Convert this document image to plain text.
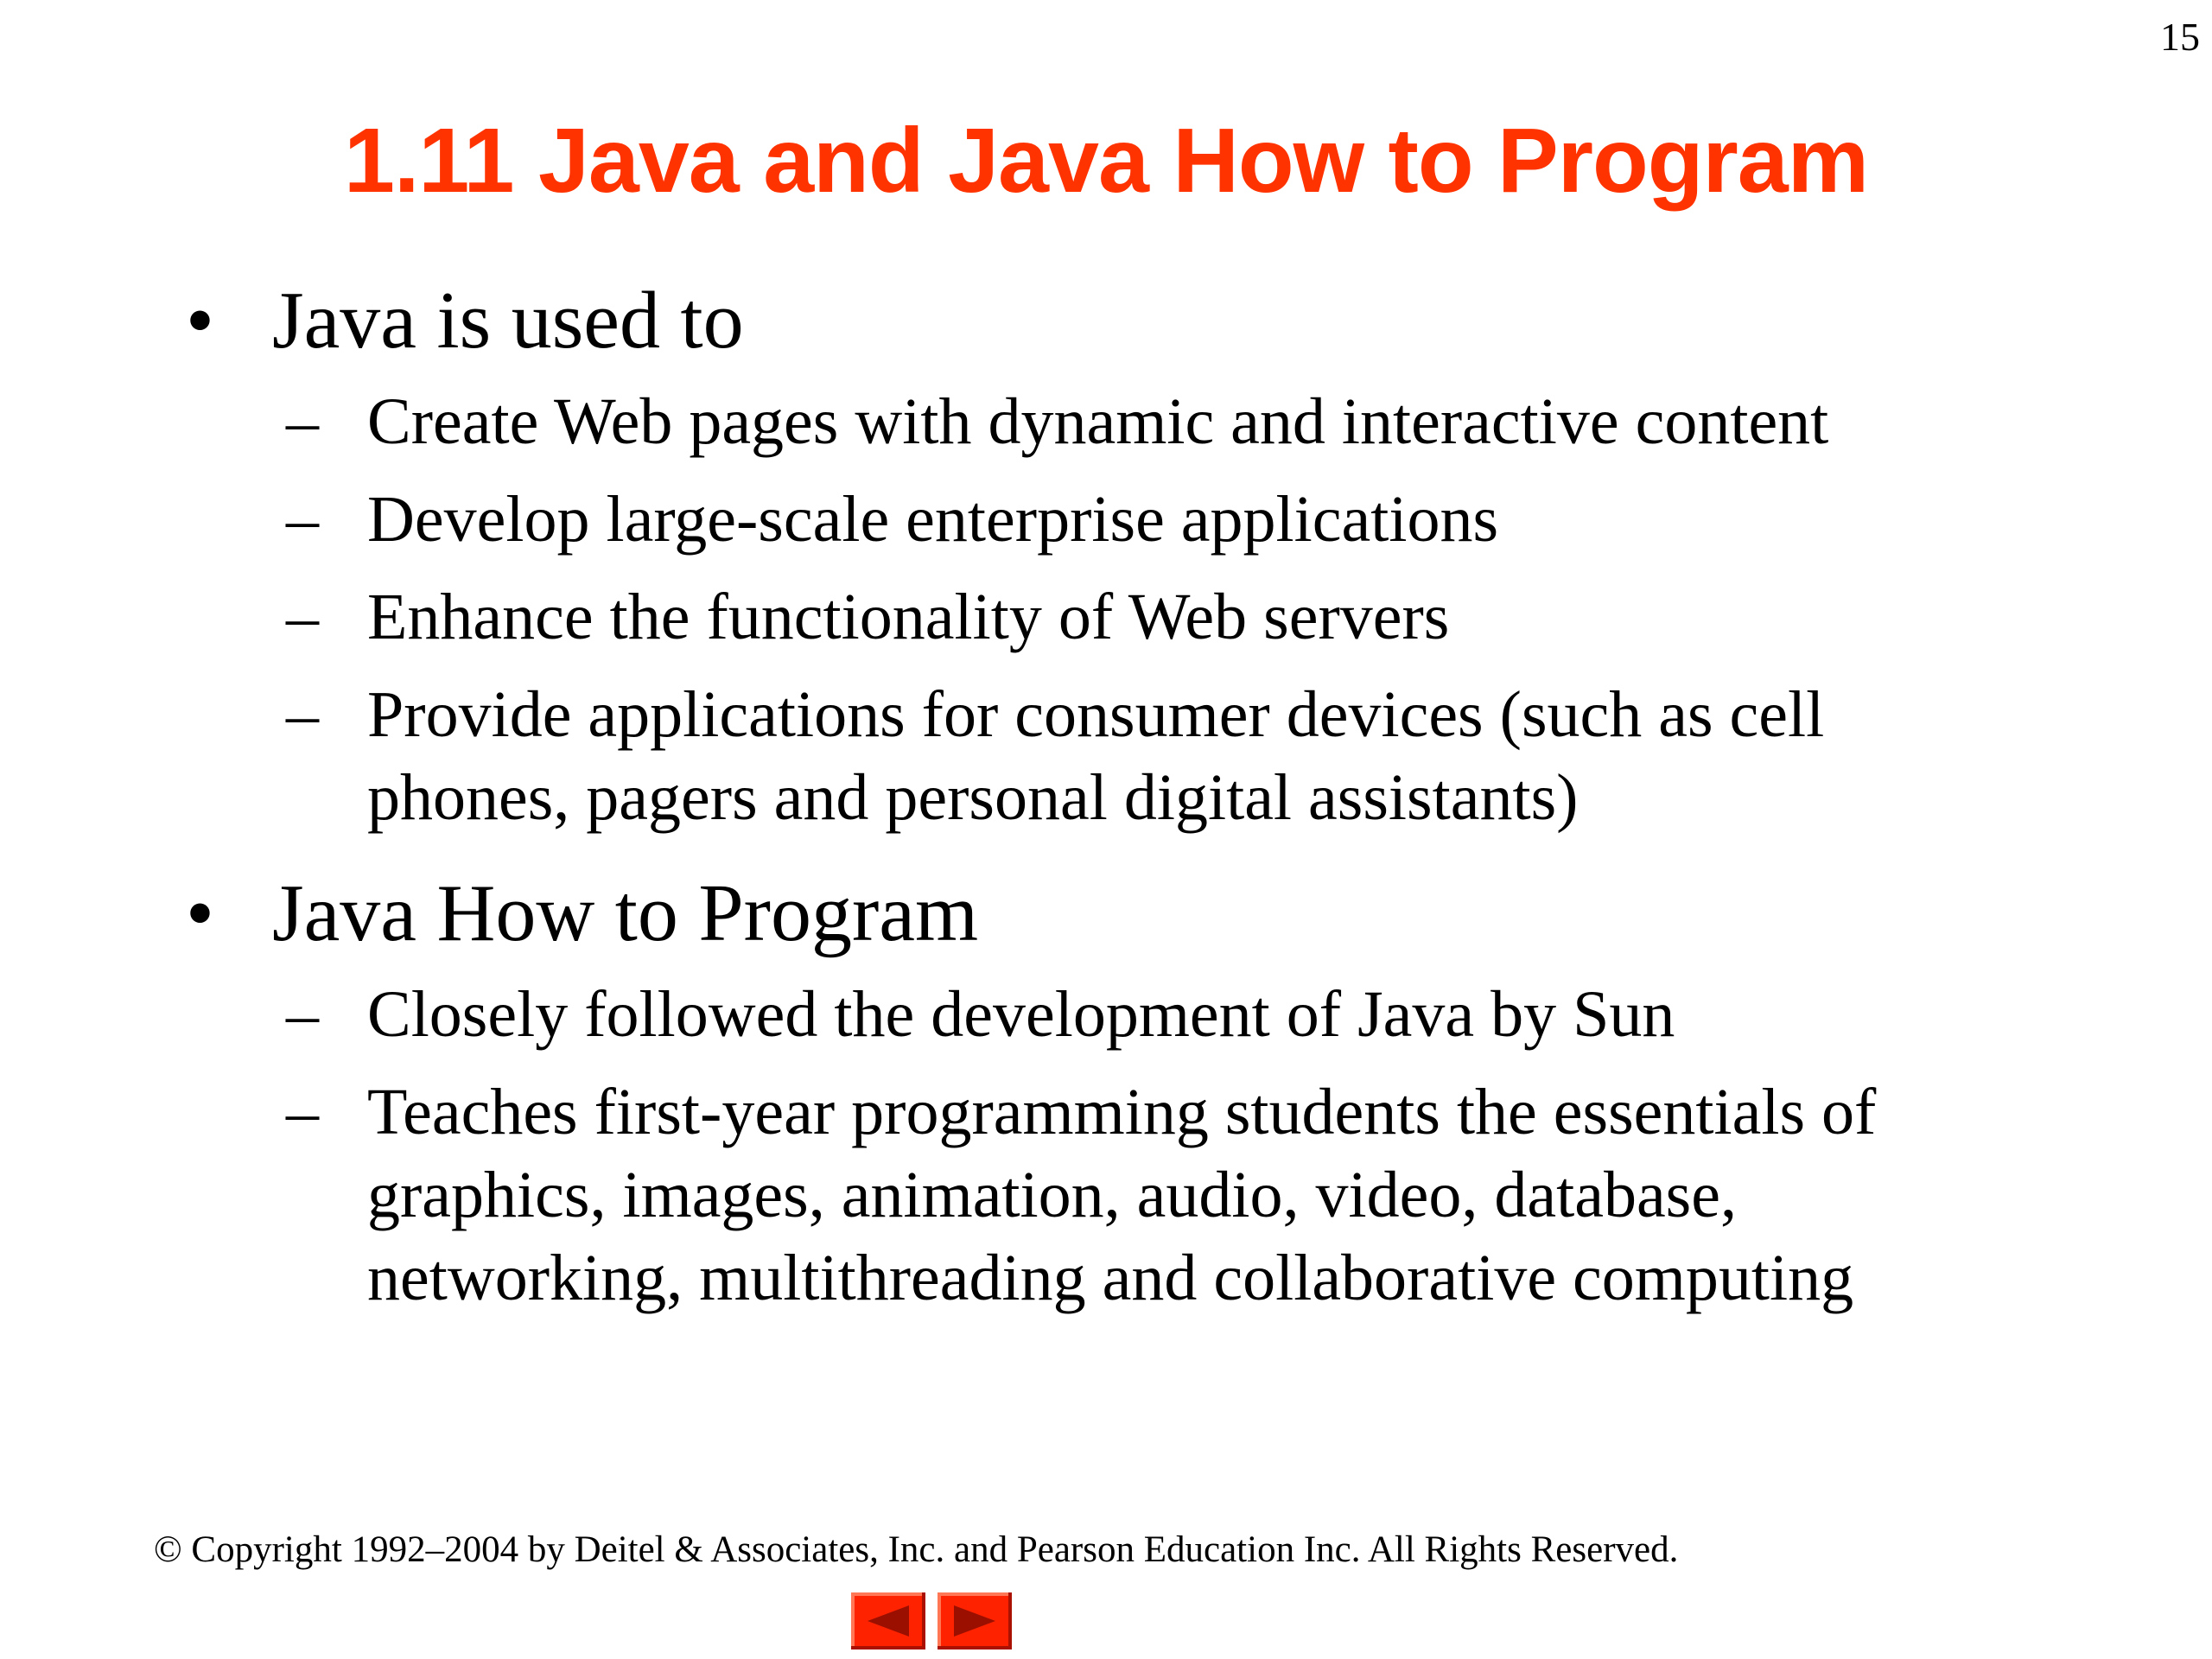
15
1.11 Java and Java How to Program
• Java is used to
– Create Web pages with dynamic and interactive content
– Develop large-scale enterprise applications
– Enhance the functionality of Web servers
– Provide applications for consumer devices (such as cell phones, pagers and personal digital assistants)
• Java How to Program
– Closely followed the development of Java by Sun
– Teaches first-year programming students the essentials of graphics, images, animation, audio, video, database, networking, multithreading and collaborative computing
© Copyright 1992–2004 by Deitel & Associates, Inc. and Pearson Education Inc. All Rights Reserved.
